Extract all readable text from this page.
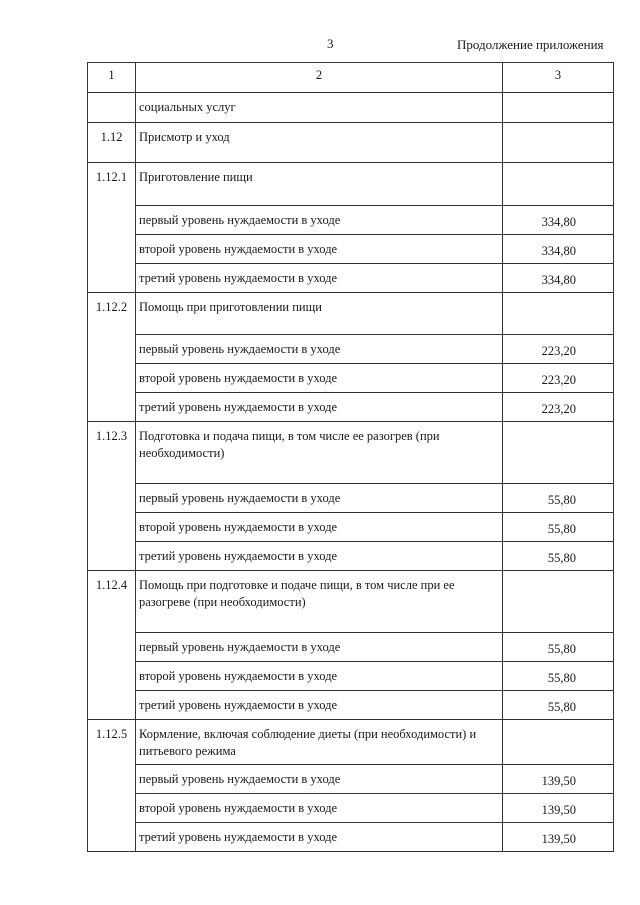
3	Продолжение приложения
1	2	3
	социальных услуг	
1.12	Присмотр и уход	
1.12.1	Приготовление пищи	
	первый уровень нуждаемости в уходе	334,80
	второй уровень нуждаемости в уходе	334,80
	третий уровень нуждаемости в уходе	334,80
1.12.2	Помощь при приготовлении пищи	
	первый уровень нуждаемости в уходе	223,20
	второй уровень нуждаемости в уходе	223,20
	третий уровень нуждаемости в уходе	223,20
1.12.3	Подготовка и подача пищи, в том числе ее разогрев (при необходимости)	
	первый уровень нуждаемости в уходе	55,80
	второй уровень нуждаемости в уходе	55,80
	третий уровень нуждаемости в уходе	55,80
1.12.4	Помощь при подготовке и подаче пищи, в том числе при ее разогреве (при необходимости)	
	первый уровень нуждаемости в уходе	55,80
	второй уровень нуждаемости в уходе	55,80
	третий уровень нуждаемости в уходе	55,80
1.12.5	Кормление, включая соблюдение диеты (при необходимости) и питьевого режима	
	первый уровень нуждаемости в уходе	139,50
	второй уровень нуждаемости в уходе	139,50
	третий уровень нуждаемости в уходе	139,50
